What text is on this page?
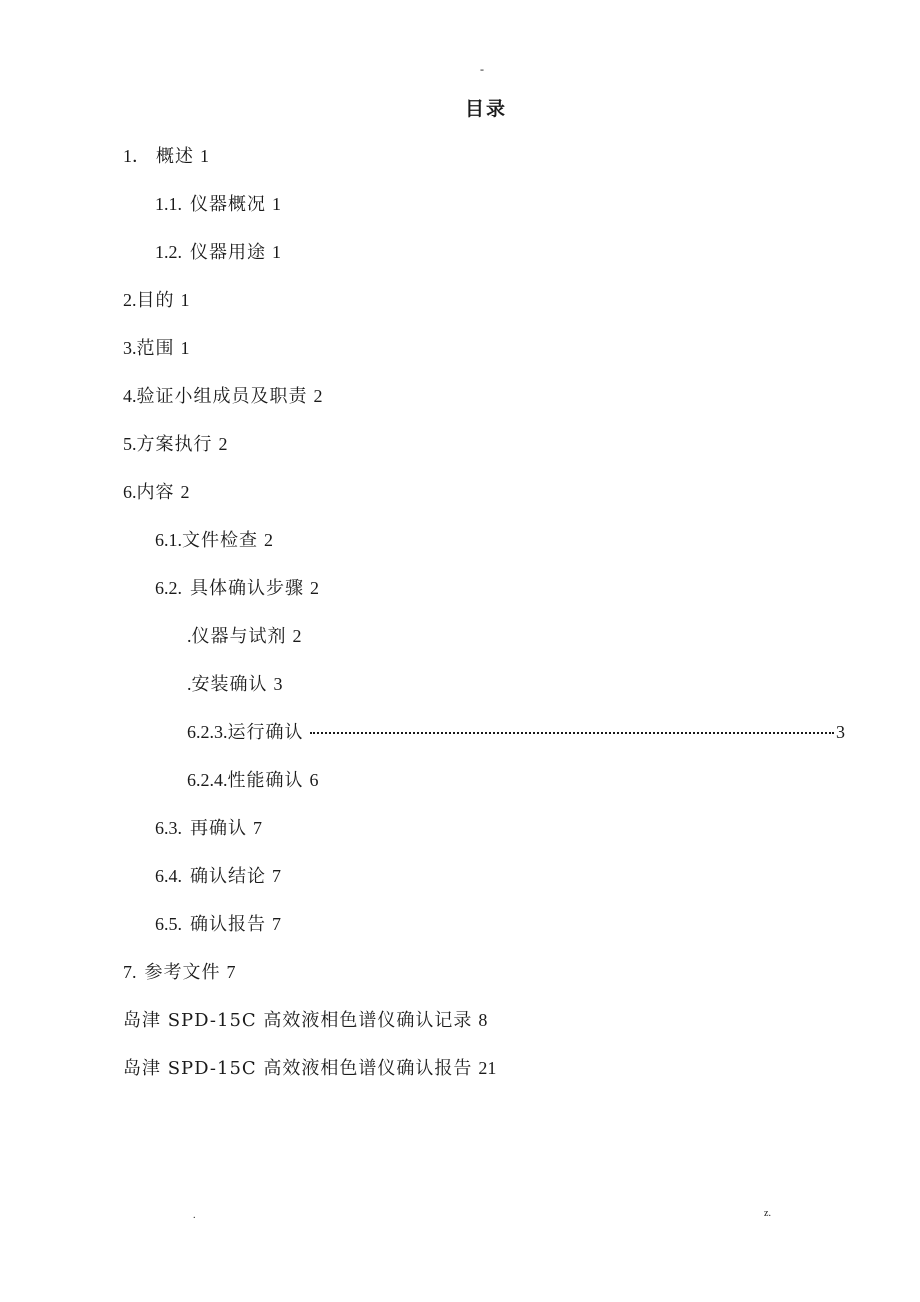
-
目录
1． 概述 1
1.1. 仪器概况 1
1.2. 仪器用途 1
2. 目的 1
3. 范围 1
4. 验证小组成员及职责 2
5. 方案执行 2
6. 内容 2
6.1. 文件检查 2
6.2. 具体确认步骤 2
. 仪器与试剂 2
. 安装确认 3
6.2.3. 运行确认	3
6.2.4. 性能确认 6
6.3. 再确认 7
6.4. 确认结论 7
6.5. 确认报告 7
7. 参考文件 7
岛津 SPD-15C 高效液相色谱仪确认记录 8
岛津 SPD-15C 高效液相色谱仪确认报告 21
.	z.
